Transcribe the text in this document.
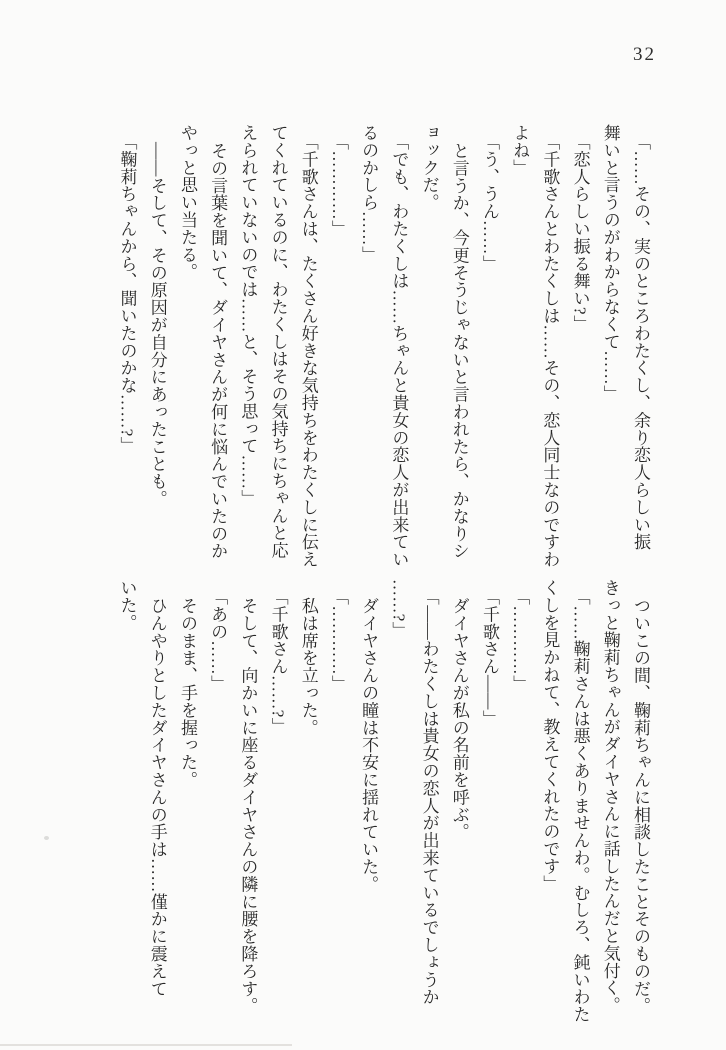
32

「……その、実のところわたくし、余り恋人らしい振

舞いと言うのがわからなくて……」

「恋人らしい振る舞い?」

「千歌さんとわたくしは……その、恋人同士なのですわ

よね」

「う、うん……」

と言うか、今更そうじゃないと言われたら、かなりシ

ョックだ。

「でも、わたくしは……ちゃんと貴女の恋人が出来てい

るのかしら……」

「…………」

「千歌さんは、たくさん好きな気持ちをわたくしに伝え

てくれているのに、わたくしはその気持ちにちゃんと応

えられていないのでは……と、そう思って……」

その言葉を聞いて、ダイヤさんが何に悩んでいたのか

やっと思い当たる。

――そして、その原因が自分にあったことも。

「鞠莉ちゃんから、聞いたのかな……?」

ついこの間、鞠莉ちゃんに相談したことそのものだ。

きっと鞠莉ちゃんがダイヤさんに話したんだと気付く。

「……鞠莉さんは悪くありませんわ。むしろ、鈍いわた

くしを見かねて、教えてくれたのです」

「…………」

「千歌さん――」

ダイヤさんが私の名前を呼ぶ。

「――わたくしは貴女の恋人が出来ているでしょうか

……?」

ダイヤさんの瞳は不安に揺れていた。

「…………」

私は席を立った。

「千歌さん……?」

そして、向かいに座るダイヤさんの隣に腰を降ろす。

「あの……」

そのまま、手を握った。

ひんやりとしたダイヤさんの手は……僅かに震えて

いた。
